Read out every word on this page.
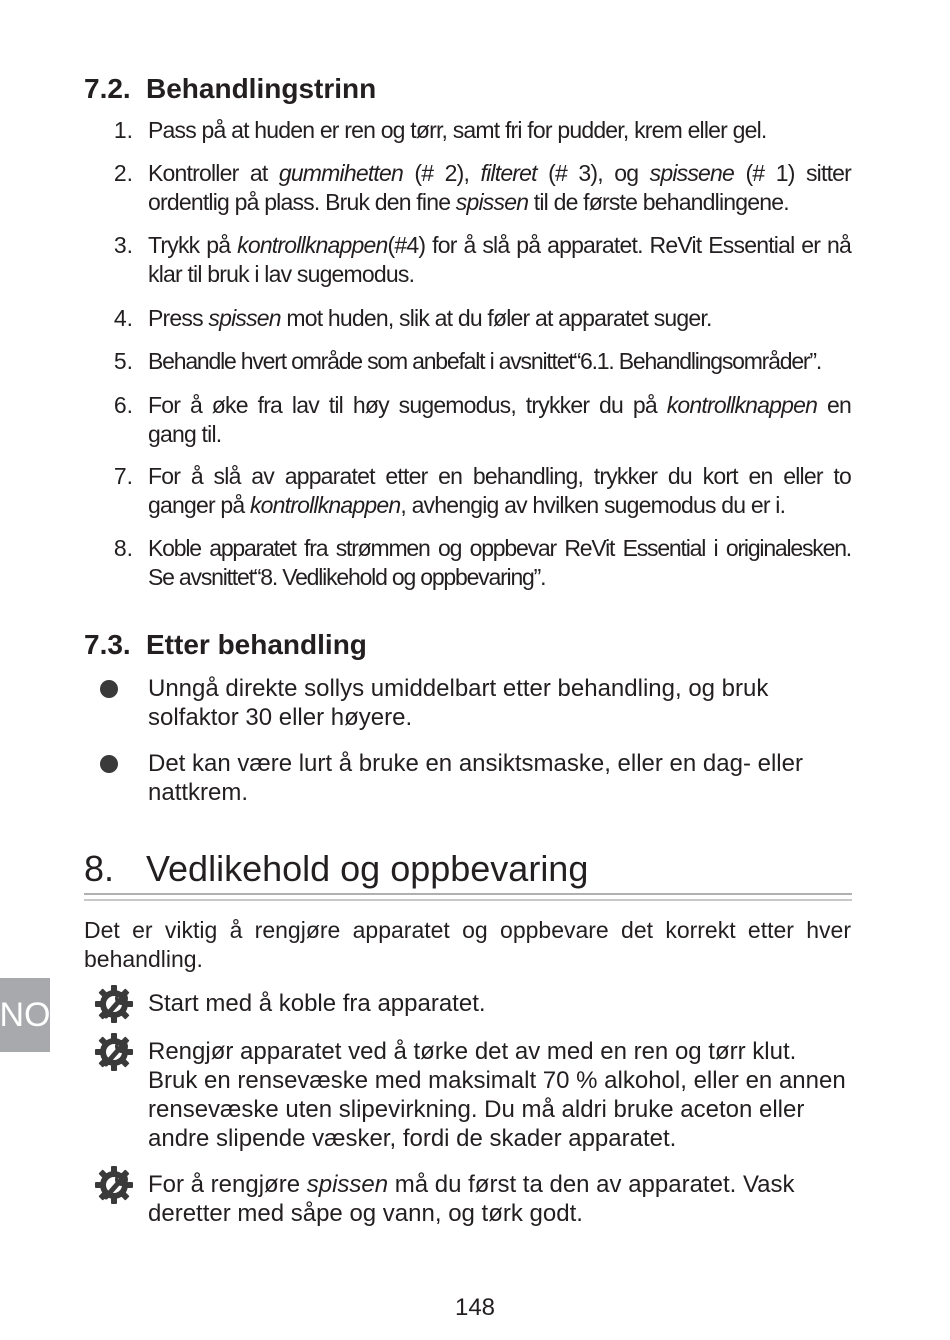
7.2. Behandlingstrinn
1. Pass på at huden er ren og tørr, samt fri for pudder, krem eller gel.
2. Kontroller at gummihetten (# 2), filteret (# 3), og spissene (# 1) sitter ordentlig på plass. Bruk den fine spissen til de første behandlingene.
3. Trykk på kontrollknappen(#4) for å slå på apparatet. ReVit Essential er nå klar til bruk i lav sugemodus.
4. Press spissen mot huden, slik at du føler at apparatet suger.
5. Behandle hvert område som anbefalt i avsnittet“6.1. Behandlingsområder”.
6. For å øke fra lav til høy sugemodus, trykker du på kontrollknappen en gang til.
7. For å slå av apparatet etter en behandling, trykker du kort en eller to ganger på kontrollknappen, avhengig av hvilken sugemodus du er i.
8. Koble apparatet fra strømmen og oppbevar ReVit Essential i originalesken. Se avsnittet“8. Vedlikehold og oppbevaring”.
7.3. Etter behandling
Unngå direkte sollys umiddelbart etter behandling, og bruk solfaktor 30 eller høyere.
Det kan være lurt å bruke en ansiktsmaske, eller en dag- eller nattkrem.
8. Vedlikehold og oppbevaring
Det er viktig å rengjøre apparatet og oppbevare det korrekt etter hver behandling.
Start med å koble fra apparatet.
Rengjør apparatet ved å tørke det av med en ren og tørr klut. Bruk en rensevæske med maksimalt 70 % alkohol, eller en annen rensevæske uten slipevirkning. Du må aldri bruke aceton eller andre slipende væsker, fordi de skader apparatet.
For å rengjøre spissen må du først ta den av apparatet. Vask deretter med såpe og vann, og tørk godt.
NO
148
